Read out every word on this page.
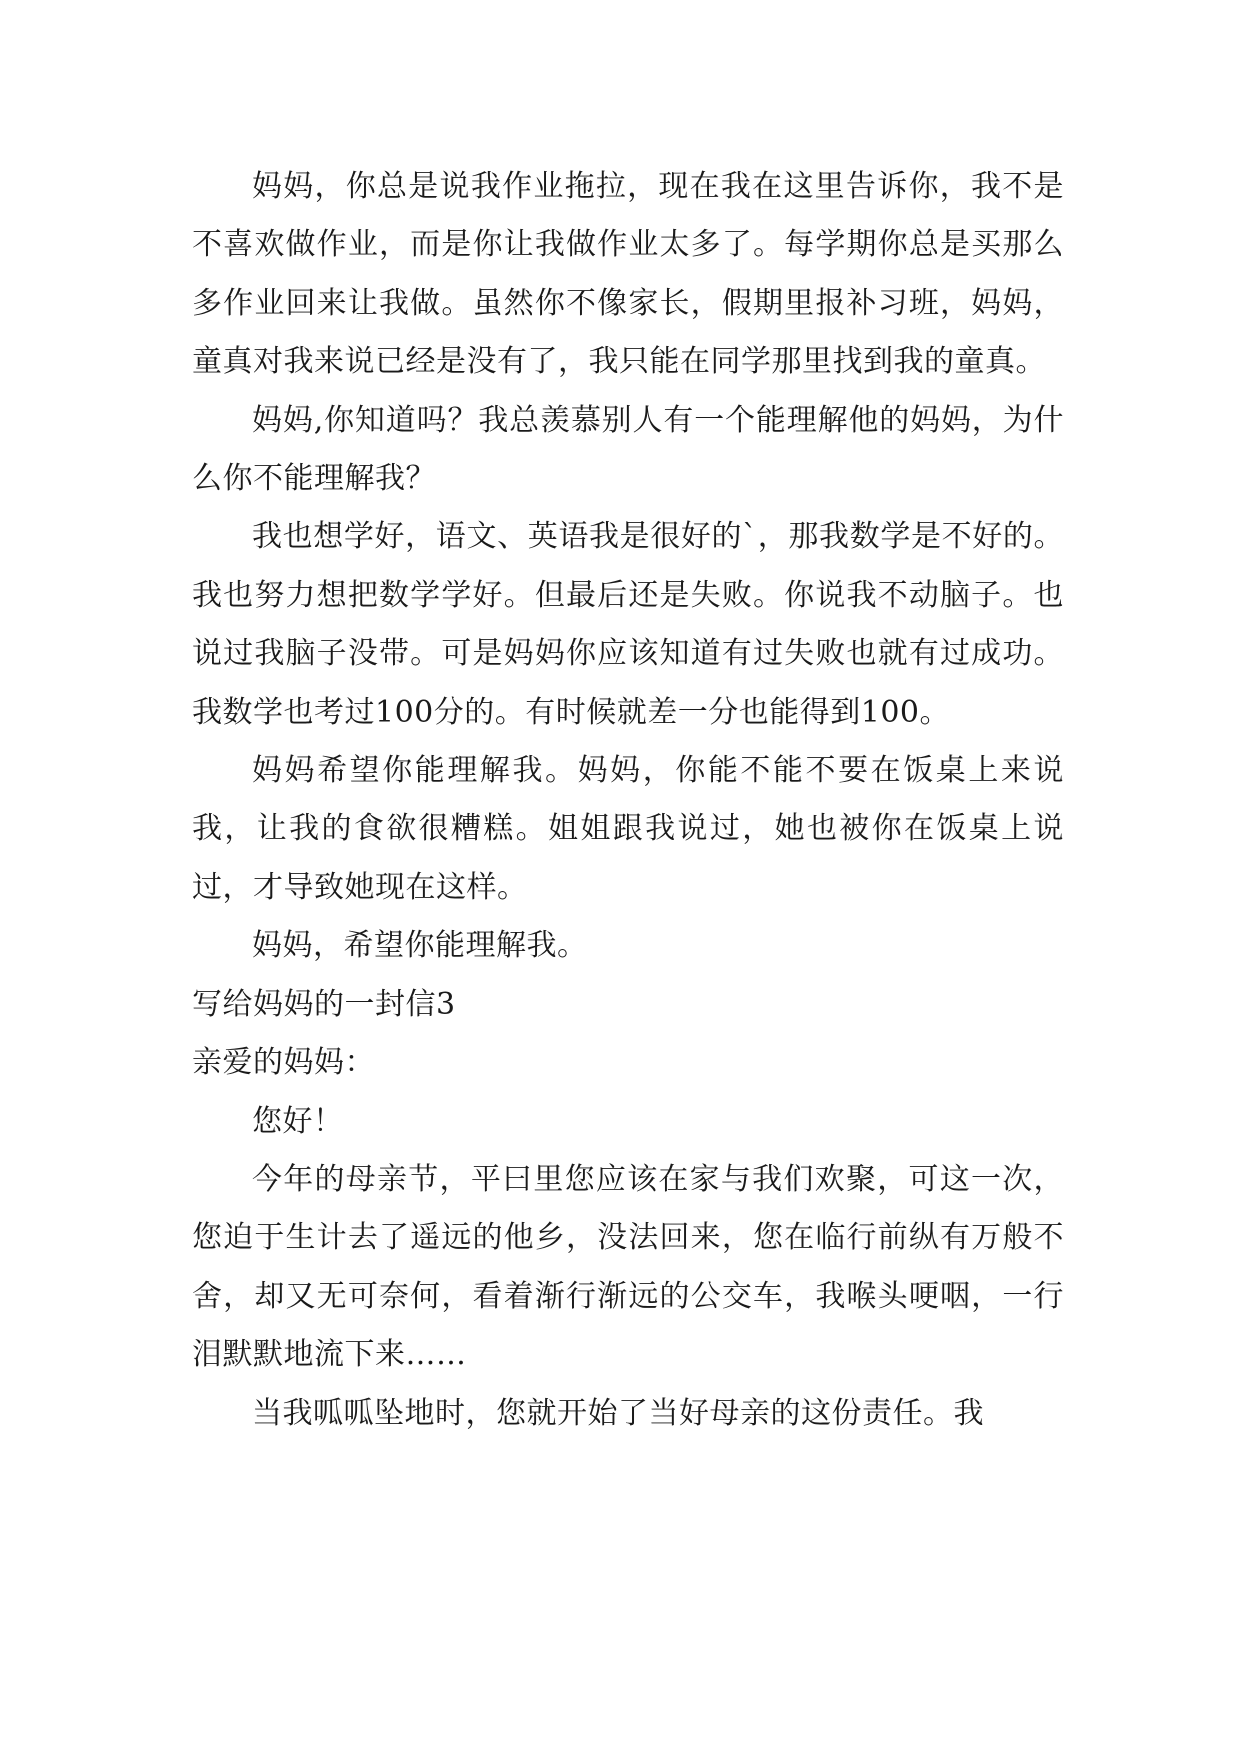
妈妈，你总是说我作业拖拉，现在我在这里告诉你，我不是不喜欢做作业，而是你让我做作业太多了。每学期你总是买那么多作业回来让我做。虽然你不像家长，假期里报补习班，妈妈，童真对我来说已经是没有了，我只能在同学那里找到我的童真。

妈妈,你知道吗？我总羡慕别人有一个能理解他的妈妈，为什么你不能理解我？

我也想学好，语文、英语我是很好的`，那我数学是不好的。我也努力想把数学学好。但最后还是失败。你说我不动脑子。也说过我脑子没带。可是妈妈你应该知道有过失败也就有过成功。我数学也考过100分的。有时候就差一分也能得到100。

妈妈希望你能理解我。妈妈，你能不能不要在饭桌上来说我，让我的食欲很糟糕。姐姐跟我说过，她也被你在饭桌上说过，才导致她现在这样。

妈妈，希望你能理解我。

写给妈妈的一封信3

亲爱的妈妈：

您好！

今年的母亲节，平曰里您应该在家与我们欢聚，可这一次，您迫于生计去了遥远的他乡，没法回来，您在临行前纵有万般不舍，却又无可奈何，看着渐行渐远的公交车，我喉头哽咽，一行泪默默地流下来……

当我呱呱坠地时，您就开始了当好母亲的这份责任。我
